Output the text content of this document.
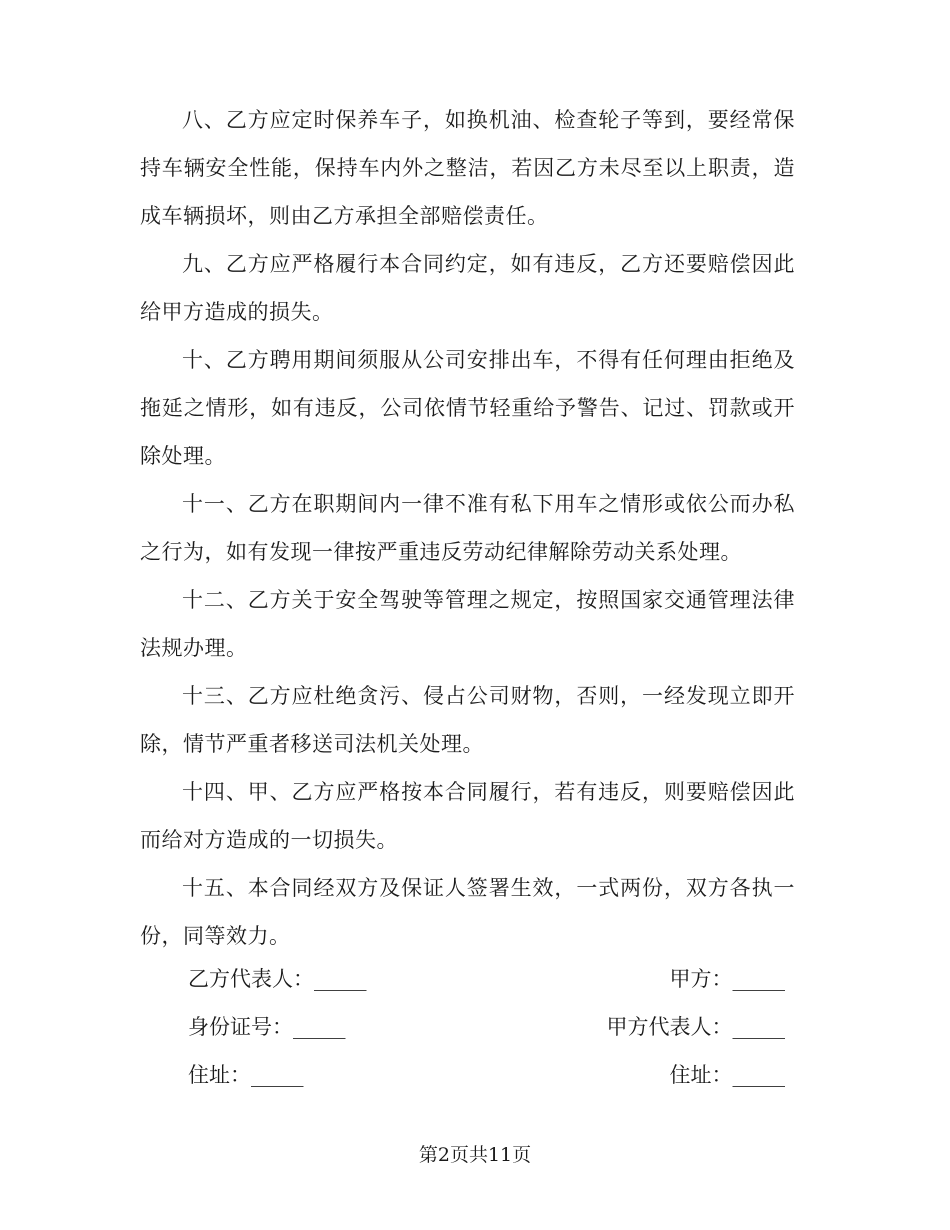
八、乙方应定时保养车子，如换机油、检查轮子等到，要经常保持车辆安全性能，保持车内外之整洁，若因乙方未尽至以上职责，造成车辆损坏，则由乙方承担全部赔偿责任。

九、乙方应严格履行本合同约定，如有违反，乙方还要赔偿因此给甲方造成的损失。

十、乙方聘用期间须服从公司安排出车，不得有任何理由拒绝及拖延之情形，如有违反，公司依情节轻重给予警告、记过、罚款或开除处理。

十一、乙方在职期间内一律不准有私下用车之情形或依公而办私之行为，如有发现一律按严重违反劳动纪律解除劳动关系处理。

十二、乙方关于安全驾驶等管理之规定，按照国家交通管理法律法规办理。

十三、乙方应杜绝贪污、侵占公司财物，否则，一经发现立即开除，情节严重者移送司法机关处理。

十四、甲、乙方应严格按本合同履行，若有违反，则要赔偿因此而给对方造成的一切损失。

十五、本合同经双方及保证人签署生效，一式两份，双方各执一份，同等效力。

乙方代表人：_____	甲方：_____
身份证号：_____	甲方代表人：_____
住址：_____	住址：_____
第2页共11页
